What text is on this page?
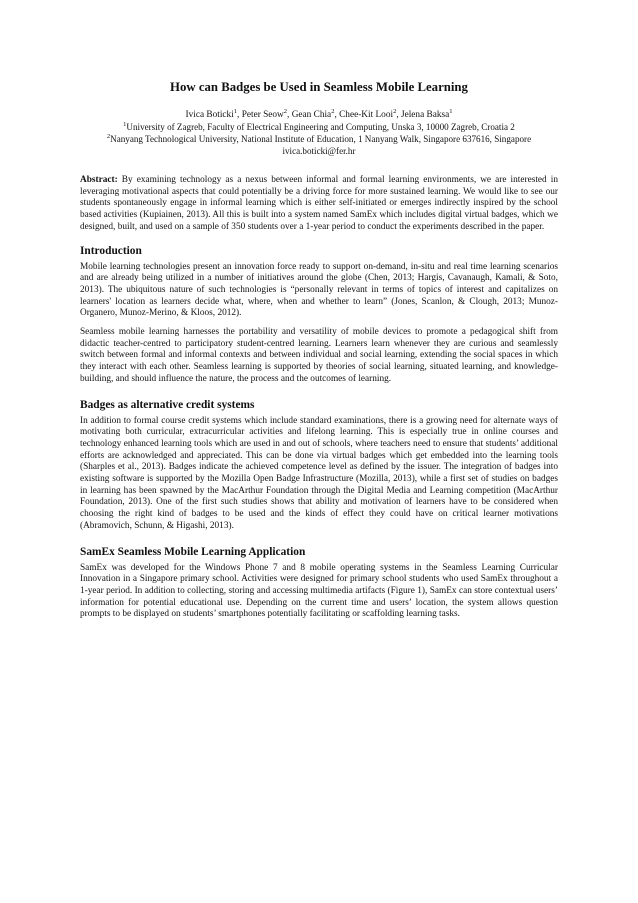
How can Badges be Used in Seamless Mobile Learning

Ivica Boticki$^1$, Peter Seow$^2$, Gean Chia$^2$, Chee-Kit Looi$^2$, Jelena Baksa$^1$

$^1$University of Zagreb, Faculty of Electrical Engineering and Computing, Unska 3, 10000 Zagreb, Croatia 2

$^2$Nanyang Technological University, National Institute of Education, 1 Nanyang Walk, Singapore 637616, Singapore

ivica.boticki@fer.hr

Abstract: By examining technology as a nexus between informal and formal learning environments, we are interested in leveraging motivational aspects that could potentially be a driving force for more sustained learning. We would like to see our students spontaneously engage in informal learning which is either self-initiated or emerges indirectly inspired by the school based activities (Kupiainen, 2013). All this is built into a system named SamEx which includes digital virtual badges, which we designed, built, and used on a sample of 350 students over a 1-year period to conduct the experiments described in the paper.

Introduction

Mobile learning technologies present an innovation force ready to support on-demand, in-situ and real time learning scenarios and are already being utilized in a number of initiatives around the globe (Chen, 2013; Hargis, Cavanaugh, Kamali, & Soto, 2013). The ubiquitous nature of such technologies is “personally relevant in terms of topics of interest and capitalizes on learners' location as learners decide what, where, when and whether to learn” (Jones, Scanlon, & Clough, 2013; Munoz-Organero, Munoz-Merino, & Kloos, 2012).

Seamless mobile learning harnesses the portability and versatility of mobile devices to promote a pedagogical shift from didactic teacher-centred to participatory student-centred learning. Learners learn whenever they are curious and seamlessly switch between formal and informal contexts and between individual and social learning, extending the social spaces in which they interact with each other. Seamless learning is supported by theories of social learning, situated learning, and knowledge-building, and should influence the nature, the process and the outcomes of learning.

Badges as alternative credit systems

In addition to formal course credit systems which include standard examinations, there is a growing need for alternate ways of motivating both curricular, extracurricular activities and lifelong learning. This is especially true in online courses and technology enhanced learning tools which are used in and out of schools, where teachers need to ensure that students’ additional efforts are acknowledged and appreciated. This can be done via virtual badges which get embedded into the learning tools (Sharples et al., 2013). Badges indicate the achieved competence level as defined by the issuer. The integration of badges into existing software is supported by the Mozilla Open Badge Infrastructure (Mozilla, 2013), while a first set of studies on badges in learning has been spawned by the MacArthur Foundation through the Digital Media and Learning competition (MacArthur Foundation, 2013). One of the first such studies shows that ability and motivation of learners have to be considered when choosing the right kind of badges to be used and the kinds of effect they could have on critical learner motivations (Abramovich, Schunn, & Higashi, 2013).

SamEx Seamless Mobile Learning Application

SamEx was developed for the Windows Phone 7 and 8 mobile operating systems in the Seamless Learning Curricular Innovation in a Singapore primary school. Activities were designed for primary school students who used SamEx throughout a 1-year period. In addition to collecting, storing and accessing multimedia artifacts (Figure 1), SamEx can store contextual users’ information for potential educational use. Depending on the current time and users’ location, the system allows question prompts to be displayed on students’ smartphones potentially facilitating or scaffolding learning tasks.
